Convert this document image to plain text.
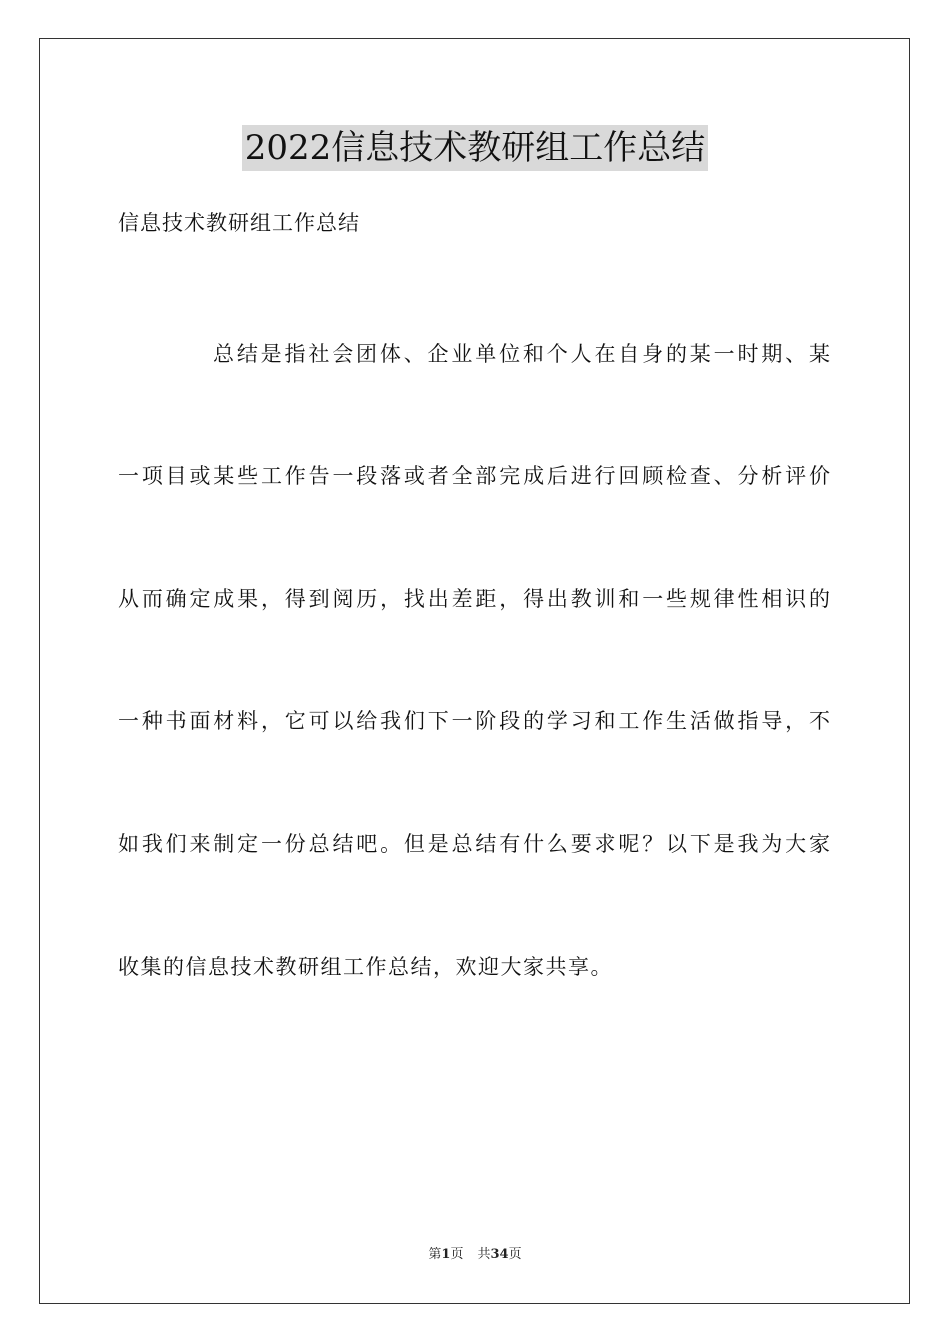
2022信息技术教研组工作总结
信息技术教研组工作总结
总结是指社会团体、企业单位和个人在自身的某一时期、某
一项目或某些工作告一段落或者全部完成后进行回顾检查、分析评价
从而确定成果，得到阅历，找出差距，得出教训和一些规律性相识的
一种书面材料，它可以给我们下一阶段的学习和工作生活做指导，不
如我们来制定一份总结吧。但是总结有什么要求呢？以下是我为大家
收集的信息技术教研组工作总结，欢迎大家共享。
第1页 共34页
